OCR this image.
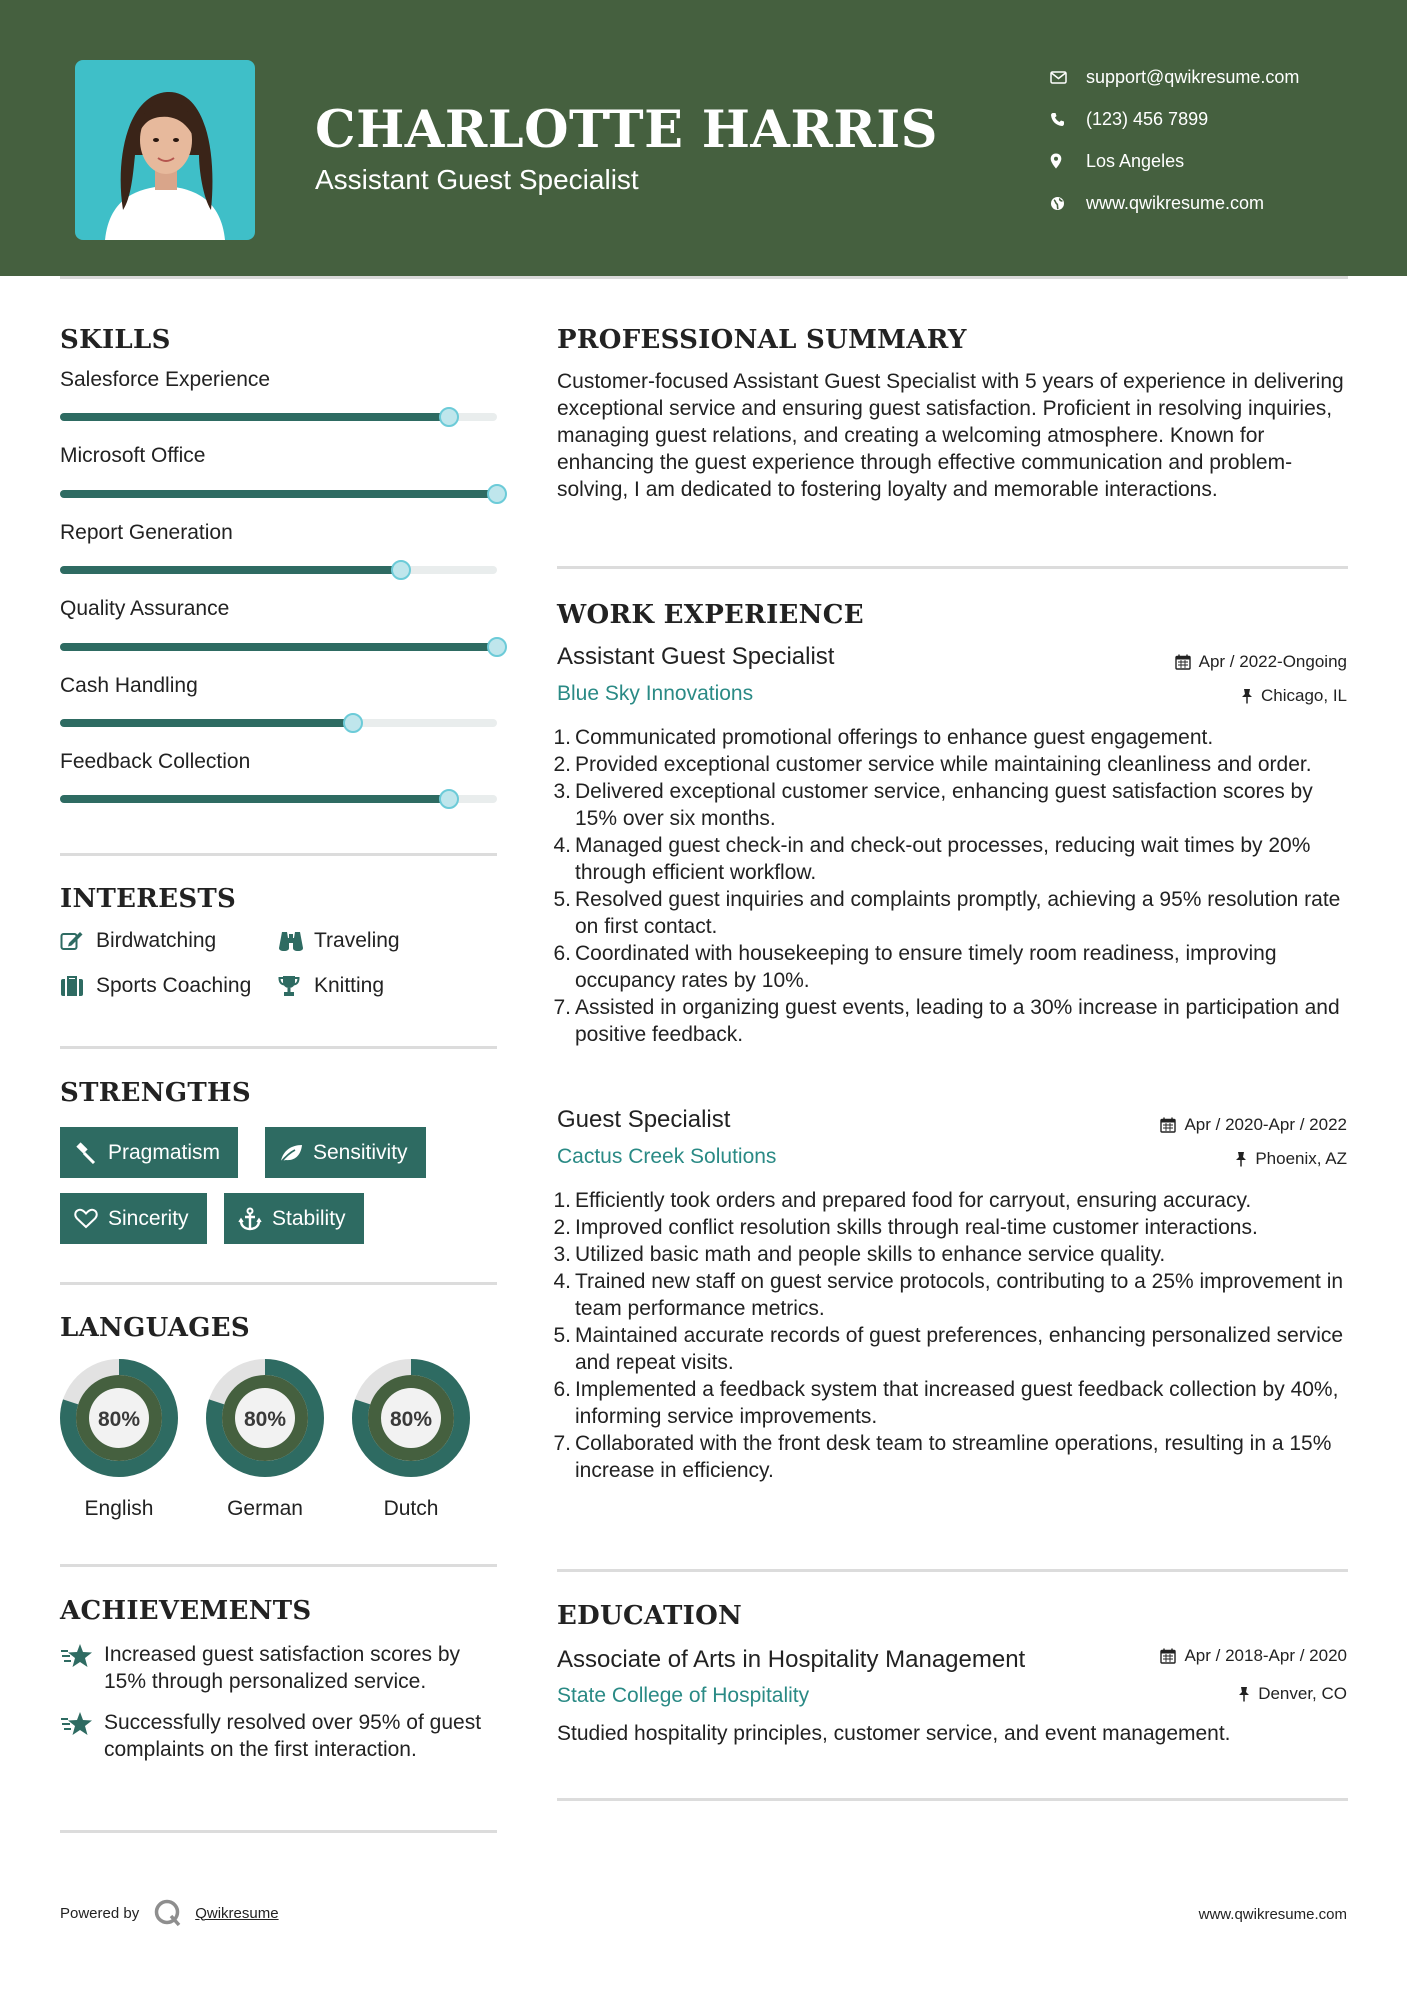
CHARLOTTE HARRIS
Assistant Guest Specialist
support@qwikresume.com
(123) 456 7899
Los Angeles
www.qwikresume.com
SKILLS
Salesforce Experience
Microsoft Office
Report Generation
Quality Assurance
Cash Handling
Feedback Collection
INTERESTS
Birdwatching	Traveling
Sports Coaching	Knitting
STRENGTHS
Pragmatism	Sensitivity
Sincerity	Stability
LANGUAGES
80%
English
80%
German
80%
Dutch
ACHIEVEMENTS
Increased guest satisfaction scores by 15% through personalized service.
Successfully resolved over 95% of guest complaints on the first interaction.
PROFESSIONAL SUMMARY
Customer-focused Assistant Guest Specialist with 5 years of experience in delivering exceptional service and ensuring guest satisfaction. Proficient in resolving inquiries, managing guest relations, and creating a welcoming atmosphere. Known for enhancing the guest experience through effective communication and problem-solving, I am dedicated to fostering loyalty and memorable interactions.
WORK EXPERIENCE
Assistant Guest Specialist	Apr / 2022-Ongoing
Blue Sky Innovations	Chicago, IL
1. Communicated promotional offerings to enhance guest engagement.
2. Provided exceptional customer service while maintaining cleanliness and order.
3. Delivered exceptional customer service, enhancing guest satisfaction scores by 15% over six months.
4. Managed guest check-in and check-out processes, reducing wait times by 20% through efficient workflow.
5. Resolved guest inquiries and complaints promptly, achieving a 95% resolution rate on first contact.
6. Coordinated with housekeeping to ensure timely room readiness, improving occupancy rates by 10%.
7. Assisted in organizing guest events, leading to a 30% increase in participation and positive feedback.
Guest Specialist	Apr / 2020-Apr / 2022
Cactus Creek Solutions	Phoenix, AZ
1. Efficiently took orders and prepared food for carryout, ensuring accuracy.
2. Improved conflict resolution skills through real-time customer interactions.
3. Utilized basic math and people skills to enhance service quality.
4. Trained new staff on guest service protocols, contributing to a 25% improvement in team performance metrics.
5. Maintained accurate records of guest preferences, enhancing personalized service and repeat visits.
6. Implemented a feedback system that increased guest feedback collection by 40%, informing service improvements.
7. Collaborated with the front desk team to streamline operations, resulting in a 15% increase in efficiency.
EDUCATION
Associate of Arts in Hospitality Management	Apr / 2018-Apr / 2020
State College of Hospitality	Denver, CO
Studied hospitality principles, customer service, and event management.
Powered by	Qwikresume	www.qwikresume.com
